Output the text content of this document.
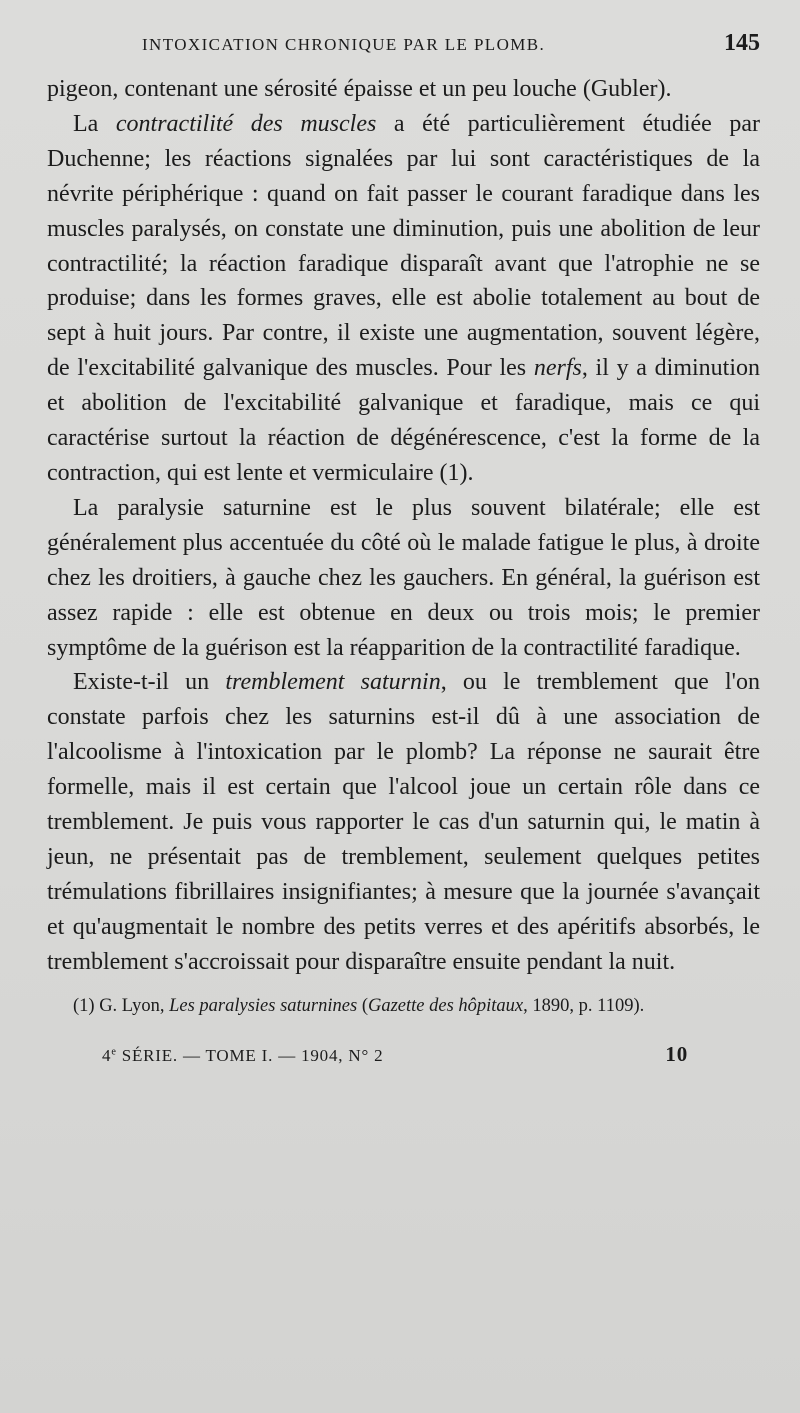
INTOXICATION CHRONIQUE PAR LE PLOMB.	145

pigeon, contenant une sérosité épaisse et un peu louche (Gubler).

La contractilité des muscles a été particulièrement étudiée par Duchenne; les réactions signalées par lui sont caractéristiques de la névrite périphérique : quand on fait passer le courant faradique dans les muscles paralysés, on constate une diminution, puis une abolition de leur contractilité; la réaction faradique disparaît avant que l'atrophie ne se produise; dans les formes graves, elle est abolie totalement au bout de sept à huit jours. Par contre, il existe une augmentation, souvent légère, de l'excitabilité galvanique des muscles. Pour les nerfs, il y a diminution et abolition de l'excitabilité galvanique et faradique, mais ce qui caractérise surtout la réaction de dégénérescence, c'est la forme de la contraction, qui est lente et vermiculaire (1).

La paralysie saturnine est le plus souvent bilatérale; elle est généralement plus accentuée du côté où le malade fatigue le plus, à droite chez les droitiers, à gauche chez les gauchers. En général, la guérison est assez rapide : elle est obtenue en deux ou trois mois; le premier symptôme de la guérison est la réapparition de la contractilité faradique.

Existe-t-il un tremblement saturnin, ou le tremblement que l'on constate parfois chez les saturnins est-il dû à une association de l'alcoolisme à l'intoxication par le plomb? La réponse ne saurait être formelle, mais il est certain que l'alcool joue un certain rôle dans ce tremblement. Je puis vous rapporter le cas d'un saturnin qui, le matin à jeun, ne présentait pas de tremblement, seulement quelques petites trémulations fibrillaires insignifiantes; à mesure que la journée s'avançait et qu'augmentait le nombre des petits verres et des apéritifs absorbés, le tremblement s'accroissait pour disparaître ensuite pendant la nuit.

(1) G. Lyon, Les paralysies saturnines (Gazette des hôpitaux, 1890, p. 1109).
4e SÉRIE. — TOME I. — 1904, N° 2	10
